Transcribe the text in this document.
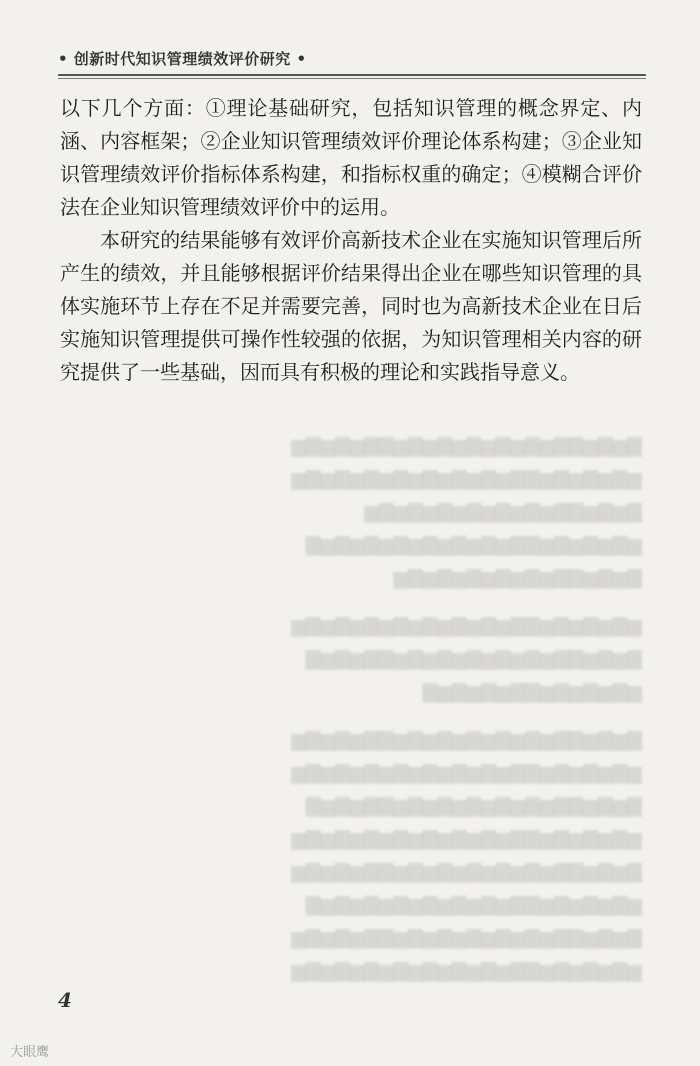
• 创新时代知识管理绩效评价研究 •

以下几个方面：①理论基础研究，包括知识管理的概念界定、内涵、内容框架；②企业知识管理绩效评价理论体系构建；③企业知识管理绩效评价指标体系构建，和指标权重的确定；④模糊合评价法在企业知识管理绩效评价中的运用。

本研究的结果能够有效评价高新技术企业在实施知识管理后所产生的绩效，并且能够根据评价结果得出企业在哪些知识管理的具体实施环节上存在不足并需要完善，同时也为高新技术企业在日后实施知识管理提供可操作性较强的依据，为知识管理相关内容的研究提供了一些基础，因而具有积极的理论和实践指导意义。

▇▆▇▆▇▇▆▇▆▇▆▇▆▇▆▇▆▇▇▆▇▆▇▆
▆▇▆▇▆▇▆▇▇▆▇▆▇▆▇▆▇▆▇▆▇▆▇▆
▇▆▇▆▇▇▆▇▆▇▆▇▆▇▆▇▆▇▆
▆▇▆▇▆▇▆▇▇▆▇▆▇▆▇▆▇▆▇▆▇▆▇
▇▆▇▆▇▇▆▇▆▇▆▇▆▇▆▇▆
▆▇▆▇▆▇▆▇▇▆▇▆▇▆▇▆▇▆▇▆▇▆▇▆
▇▆▇▆▇▇▆▇▆▇▆▇▆▇▆▇▆▇▇▆▇▆▇
▆▇▆▇▆▇▆▇▇▆▇▆▇▆▇
▇▆▇▆▇▇▆▇▆▇▆▇▆▇▆▇▆▇▇▆▇▆▇▆
▆▇▆▇▆▇▆▇▇▆▇▆▇▆▇▆▇▆▇▆▇▆▇▆
▇▆▇▆▇▇▆▇▆▇▆▇▆▇▆▇▆▇▇▆▇▆▇
▆▇▆▇▆▇▆▇▇▆▇▆▇▆▇▆▇▆▇▆▇▆▇▆
▇▆▇▆▇▇▆▇▆▇▆▇▆▇▆▇▆▇▇▆▇▆▇▆
▆▇▆▇▆▇▆▇▇▆▇▆▇▆▇▆▇▆▇▆▇▆▇
▇▆▇▆▇▇▆▇▆▇▆▇▆▇▆▇▆▇▇▆▇▆▇▆
▆▇▆▇▆▇▆▇▇▆▇▆▇▆▇▆▇▆▇▆▇▆▇▆
4
大眼鹰
